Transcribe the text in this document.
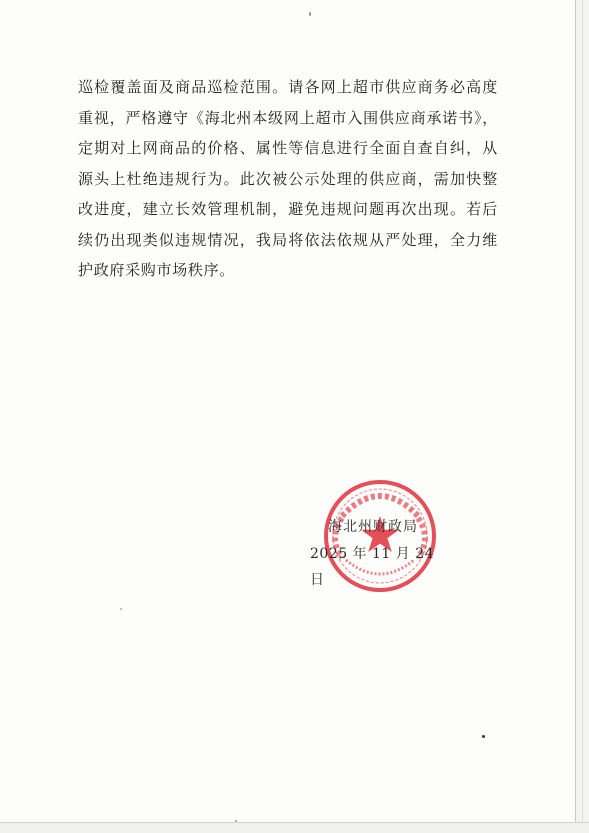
巡检覆盖面及商品巡检范围。请各网上超市供应商务必高度重视，严格遵守《海北州本级网上超市入围供应商承诺书》，定期对上网商品的价格、属性等信息进行全面自查自纠，从源头上杜绝违规行为。此次被公示处理的供应商，需加快整改进度，建立长效管理机制，避免违规问题再次出现。若后续仍出现类似违规情况，我局将依法依规从严处理，全力维护政府采购市场秩序。

海北州财政局
2025 年 11 月 24 日
